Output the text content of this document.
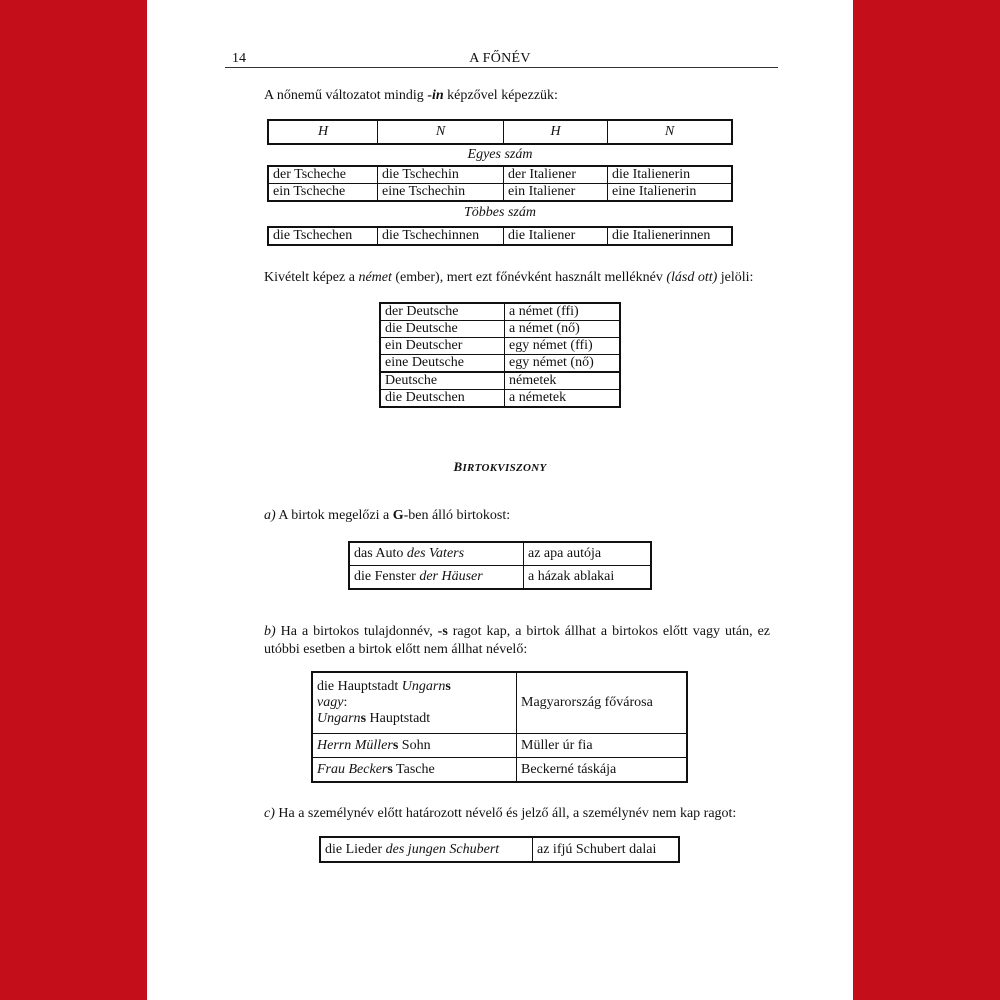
14	A FŐNÉV
A nőnemű változatot mindig -in képzővel képezzük:
H	N	H	N
Egyes szám
der Tscheche	die Tschechin	der Italiener	die Italienerin
ein Tscheche	eine Tschechin	ein Italiener	eine Italienerin
Többes szám
die Tschechen	die Tschechinnen	die Italiener	die Italienerinnen
Kivételt képez a német (ember), mert ezt főnévként használt melléknév (lásd ott) jelöli:
der Deutsche	a német (ffi)
die Deutsche	a német (nő)
ein Deutscher	egy német (ffi)
eine Deutsche	egy német (nő)
Deutsche	németek
die Deutschen	a németek
BIRTOKVISZONY
a) A birtok megelőzi a G-ben álló birtokost:
das Auto des Vaters	az apa autója
die Fenster der Häuser	a házak ablakai
b) Ha a birtokos tulajdonnév, -s ragot kap, a birtok állhat a birtokos előtt vagy után, ez
utóbbi esetben a birtok előtt nem állhat névelő:
die Hauptstadt Ungarns
vagy:
Ungarns Hauptstadt	Magyarország fővárosa
Herrn Müllers Sohn	Müller úr fia
Frau Beckers Tasche	Beckerné táskája
c) Ha a személynév előtt határozott névelő és jelző áll, a személynév nem kap ragot:
die Lieder des jungen Schubert	az ifjú Schubert dalai
